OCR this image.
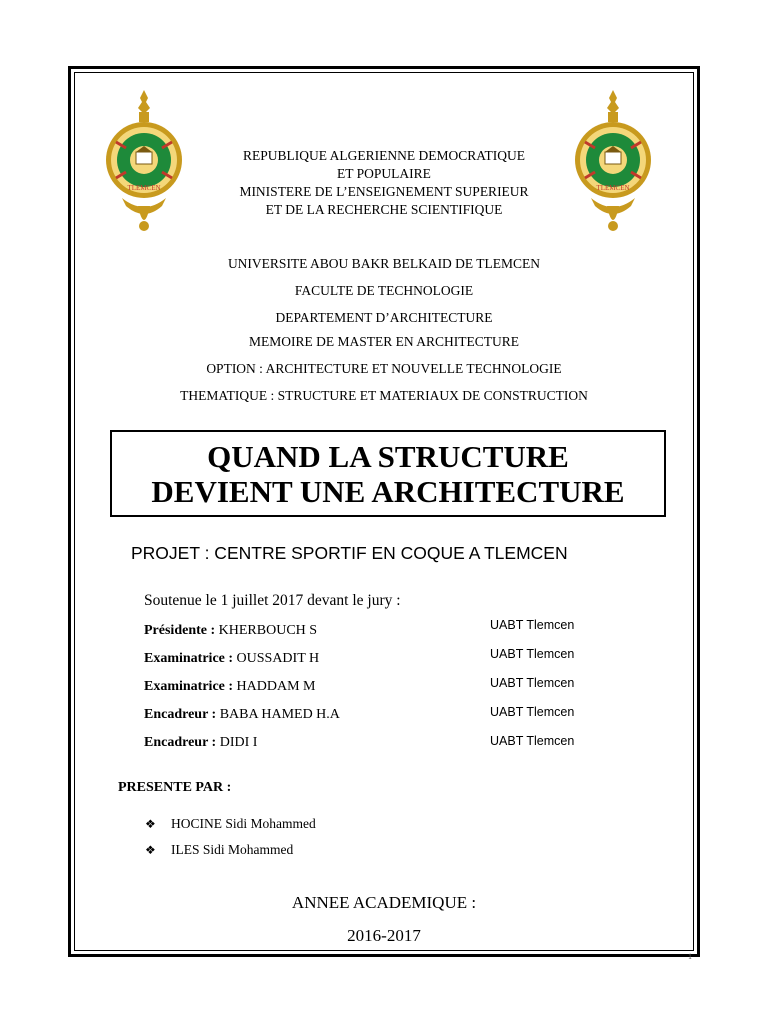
TLEMCEN	TLEMCEN
REPUBLIQUE ALGERIENNE DEMOCRATIQUE
ET POPULAIRE
MINISTERE DE L’ENSEIGNEMENT SUPERIEUR
ET DE LA RECHERCHE SCIENTIFIQUE
UNIVERSITE ABOU BAKR BELKAID DE TLEMCEN
FACULTE DE TECHNOLOGIE
DEPARTEMENT D’ARCHITECTURE
MEMOIRE DE MASTER EN ARCHITECTURE
OPTION : ARCHITECTURE ET NOUVELLE TECHNOLOGIE
THEMATIQUE : STRUCTURE ET MATERIAUX DE CONSTRUCTION
QUAND LA STRUCTURE
DEVIENT UNE ARCHITECTURE
PROJET : CENTRE SPORTIF EN COQUE A TLEMCEN
Soutenue le 1 juillet 2017 devant le jury :
Présidente : KHERBOUCH S	UABT Tlemcen
Examinatrice : OUSSADIT H	UABT Tlemcen
Examinatrice : HADDAM M	UABT Tlemcen
Encadreur : BABA HAMED H.A	UABT Tlemcen
Encadreur : DIDI I	UABT Tlemcen
PRESENTE PAR :
❖ HOCINE Sidi Mohammed
❖ ILES Sidi Mohammed
ANNEE ACADEMIQUE :
2016-2017
1
